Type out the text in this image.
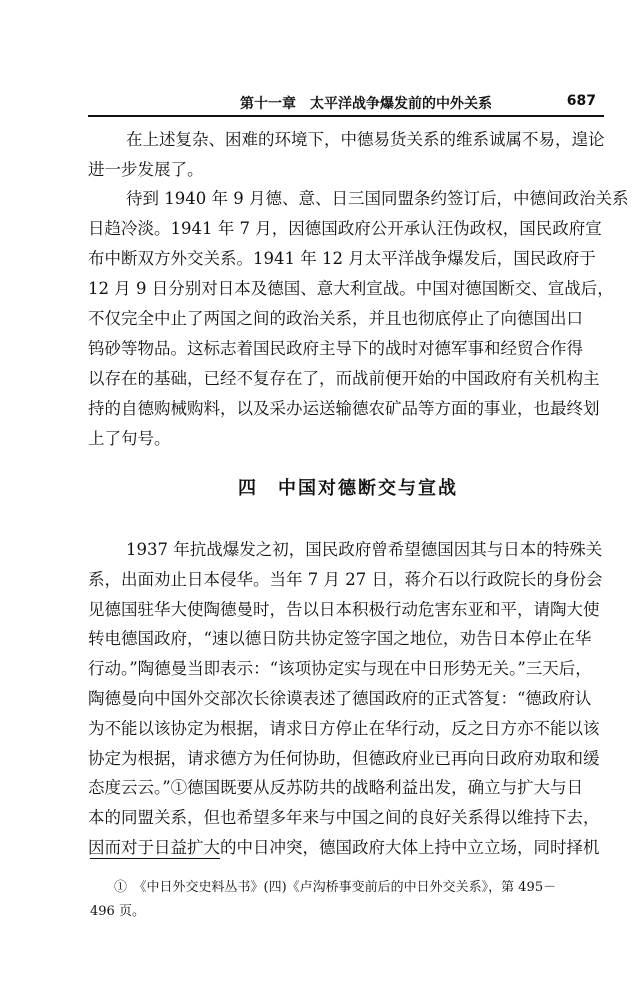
第十一章　太平洋战争爆发前的中外关系	687
在上述复杂、困难的环境下，中德易货关系的维系诚属不易，遑论
进一步发展了。
待到 1940 年 9 月德、意、日三国同盟条约签订后，中德间政治关系
日趋冷淡。1941 年 7 月，因德国政府公开承认汪伪政权，国民政府宣
布中断双方外交关系。1941 年 12 月太平洋战争爆发后，国民政府于
12 月 9 日分别对日本及德国、意大利宣战。中国对德国断交、宣战后，
不仅完全中止了两国之间的政治关系，并且也彻底停止了向德国出口
钨砂等物品。这标志着国民政府主导下的战时对德军事和经贸合作得
以存在的基础，已经不复存在了，而战前便开始的中国政府有关机构主
持的自德购械购料，以及采办运送输德农矿品等方面的事业，也最终划
上了句号。
四　中国对德断交与宣战
1937 年抗战爆发之初，国民政府曾希望德国因其与日本的特殊关
系，出面劝止日本侵华。当年 7 月 27 日，蒋介石以行政院长的身份会
见德国驻华大使陶德曼时，告以日本积极行动危害东亚和平，请陶大使
转电德国政府，“速以德日防共协定签字国之地位，劝告日本停止在华
行动。”陶德曼当即表示：“该项协定实与现在中日形势无关。”三天后，
陶德曼向中国外交部次长徐谟表述了德国政府的正式答复：“德政府认
为不能以该协定为根据，请求日方停止在华行动，反之日方亦不能以该
协定为根据，请求德方为任何协助，但德政府业已再向日政府劝取和缓
态度云云。”①德国既要从反苏防共的战略利益出发，确立与扩大与日
本的同盟关系，但也希望多年来与中国之间的良好关系得以维持下去，
因而对于日益扩大的中日冲突，德国政府大体上持中立立场，同时择机
①　《中日外交史料丛书》(四)《卢沟桥事变前后的中日外交关系》，第 495－
496 页。
